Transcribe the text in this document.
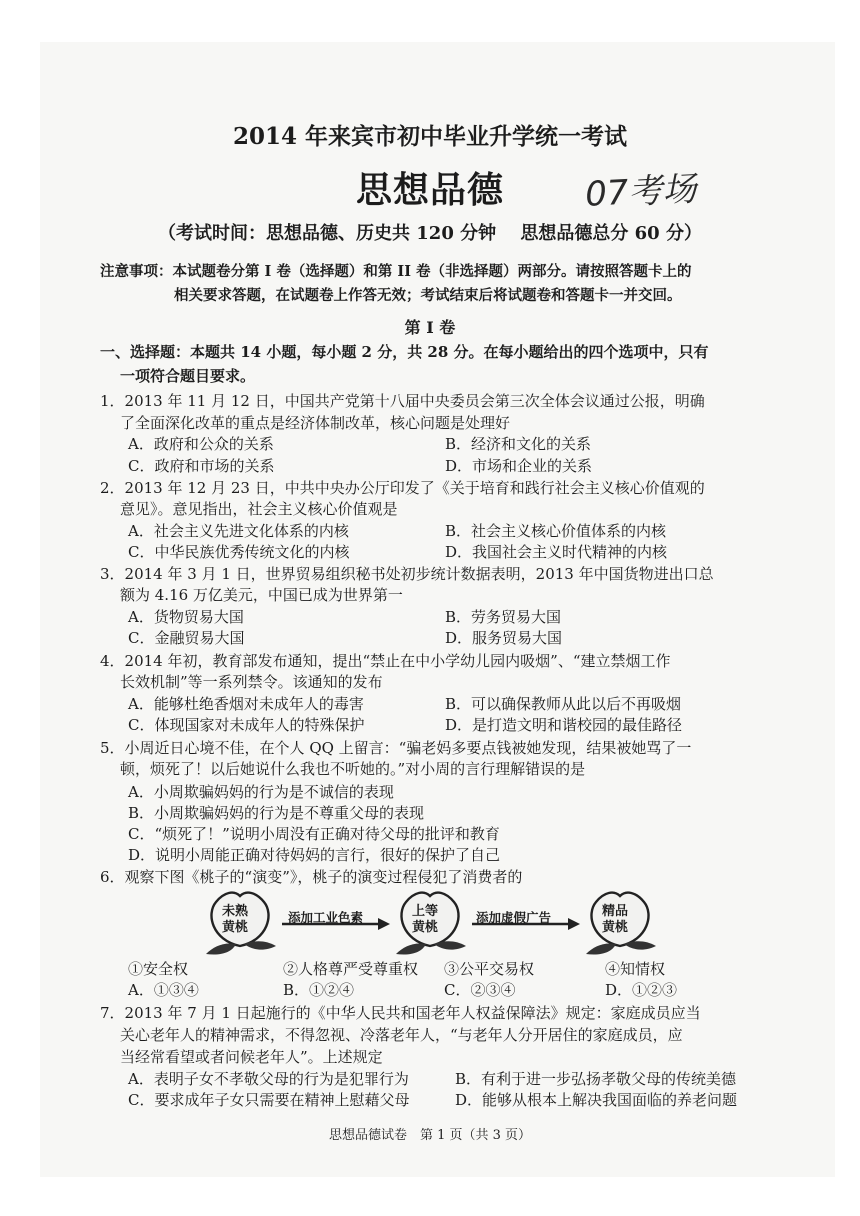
2014 年来宾市初中毕业升学统一考试
思想品德	07考场
（考试时间：思想品德、历史共 120 分钟　 思想品德总分 60 分）
注意事项：本试题卷分第 I 卷（选择题）和第 II 卷（非选择题）两部分。请按照答题卡上的
相关要求答题，在试题卷上作答无效；考试结束后将试题卷和答题卡一并交回。
第 I 卷
一、选择题：本题共 14 小题，每小题 2 分，共 28 分。在每小题给出的四个选项中，只有
一项符合题目要求。
1．2013 年 11 月 12 日，中国共产党第十八届中央委员会第三次全体会议通过公报，明确
了全面深化改革的重点是经济体制改革，核心问题是处理好
A．政府和公众的关系	B．经济和文化的关系
C．政府和市场的关系	D．市场和企业的关系
2．2013 年 12 月 23 日，中共中央办公厅印发了《关于培育和践行社会主义核心价值观的
意见》。意见指出，社会主义核心价值观是
A．社会主义先进文化体系的内核	B．社会主义核心价值体系的内核
C．中华民族优秀传统文化的内核	D．我国社会主义时代精神的内核
3．2014 年 3 月 1 日，世界贸易组织秘书处初步统计数据表明，2013 年中国货物进出口总
额为 4.16 万亿美元，中国已成为世界第一
A．货物贸易大国	B．劳务贸易大国
C．金融贸易大国	D．服务贸易大国
4．2014 年初，教育部发布通知，提出“禁止在中小学幼儿园内吸烟”、“建立禁烟工作
长效机制”等一系列禁令。该通知的发布
A．能够杜绝香烟对未成年人的毒害	B．可以确保教师从此以后不再吸烟
C．体现国家对未成年人的特殊保护	D．是打造文明和谐校园的最佳路径
5．小周近日心境不佳，在个人 QQ 上留言：“骗老妈多要点钱被她发现，结果被她骂了一
顿，烦死了！以后她说什么我也不听她的。”对小周的言行理解错误的是
A．小周欺骗妈妈的行为是不诚信的表现
B．小周欺骗妈妈的行为是不尊重父母的表现
C．“烦死了！”说明小周没有正确对待父母的批评和教育
D．说明小周能正确对待妈妈的言行，很好的保护了自己
6．观察下图《桃子的“演变”》，桃子的演变过程侵犯了消费者的
未熟
黄桃
添加工业色素	上等
黄桃
添加虚假广告	精品
黄桃
①安全权	②人格尊严受尊重权 ③公平交易权	④知情权
A．①③④	B．①②④	C．②③④	D．①②③
7．2013 年 7 月 1 日起施行的《中华人民共和国老年人权益保障法》规定：家庭成员应当
关心老年人的精神需求，不得忽视、冷落老年人，“与老年人分开居住的家庭成员，应
当经常看望或者问候老年人”。上述规定
A．表明子女不孝敬父母的行为是犯罪行为	B．有利于进一步弘扬孝敬父母的传统美德
C．要求成年子女只需要在精神上慰藉父母	D．能够从根本上解决我国面临的养老问题
思想品德试卷　第 1 页（共 3 页）
